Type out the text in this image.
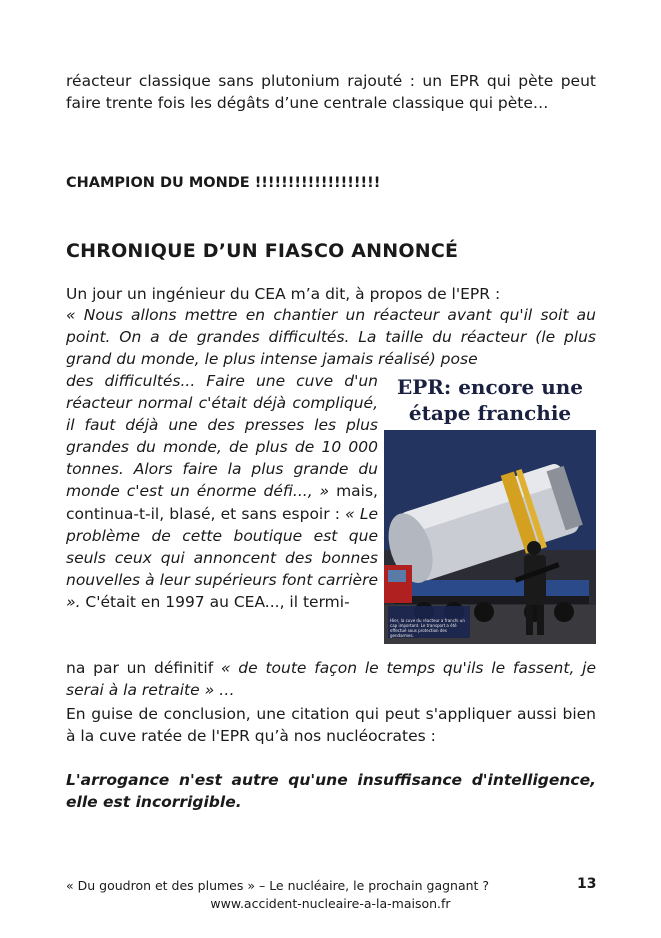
réacteur classique sans plutonium rajouté : un EPR qui pète peut faire trente fois les dégâts d’une centrale classique qui pète…

CHAMPION DU MONDE !!!!!!!!!!!!!!!!!!!

CHRONIQUE D’UN FIASCO ANNONCÉ

Un jour un ingénieur du CEA m’a dit, à propos de l'EPR :

« Nous allons mettre en chantier un réacteur avant qu'il soit au point. On a de grandes difficultés. La taille du réacteur (le plus grand du monde, le plus intense jamais réalisé) pose

des difficultés... Faire une cuve d'un réacteur normal c'était déjà compliqué, il faut déjà une des presses les plus grandes du monde, de plus de 10 000 tonnes. Alors faire la plus grande du monde c'est un énorme défi..., » mais, continua-t-il, blasé, et sans espoir : « Le problème de cette boutique est que seuls ceux qui annoncent des bonnes nouvelles à leur supérieurs font carrière ». C'était en 1997 au CEA..., il termi-

EPR: encore une
étape franchie

Hier, la cuve du réacteur a franchi un cap important. Le transport a été effectué sous protection des gendarmes.

na par un définitif « de toute façon le temps qu'ils le fassent, je serai à la retraite » …

En guise de conclusion, une citation qui peut s'appliquer aussi bien à la cuve ratée de l'EPR qu’à nos nucléocrates :

L'arrogance n'est autre qu'une insuffisance d'intelligence, elle est incorrigible.

« Du goudron et des plumes » – Le nucléaire, le prochain gagnant ?	13

www.accident-nucleaire-a-la-maison.fr
